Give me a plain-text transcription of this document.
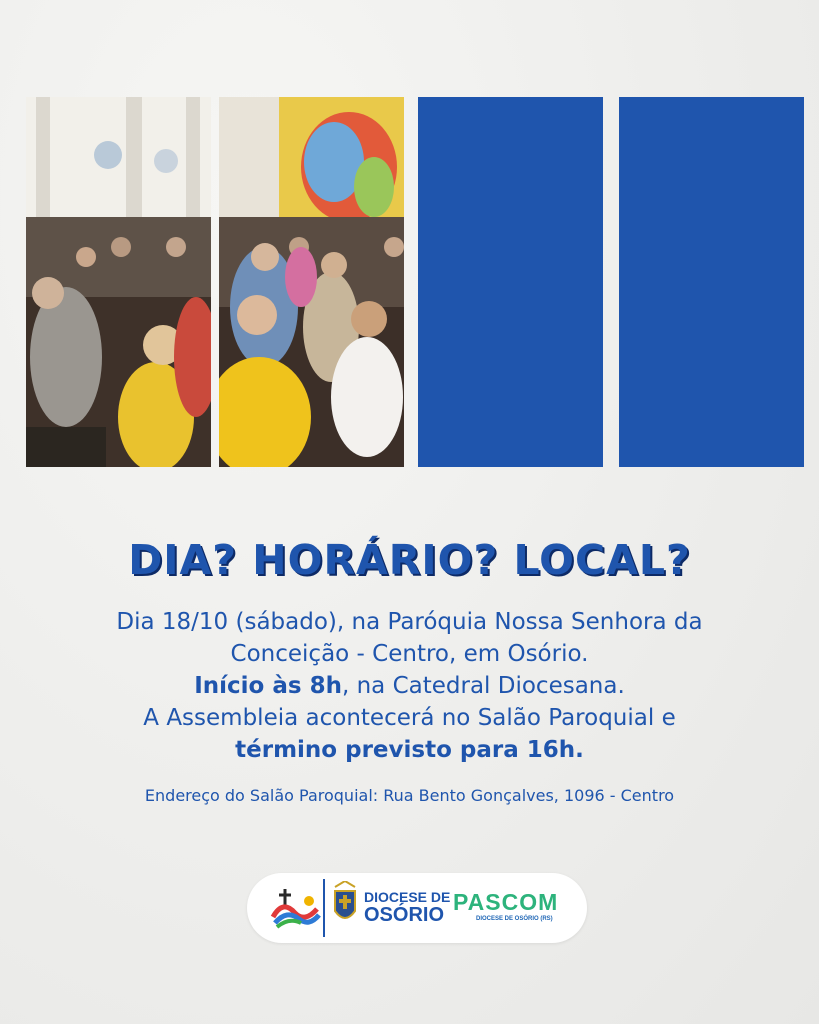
DIA? HORÁRIO? LOCAL?
Dia 18/10 (sábado), na Paróquia Nossa Senhora da
Conceição - Centro, em Osório.
Início às 8h, na Catedral Diocesana.
A Assembleia acontecerá no Salão Paroquial e
término previsto para 16h.
Endereço do Salão Paroquial: Rua Bento Gonçalves, 1096 - Centro
DIOCESE DE
OSÓRIO PASCOM
DIOCESE DE OSÓRIO (RS)
